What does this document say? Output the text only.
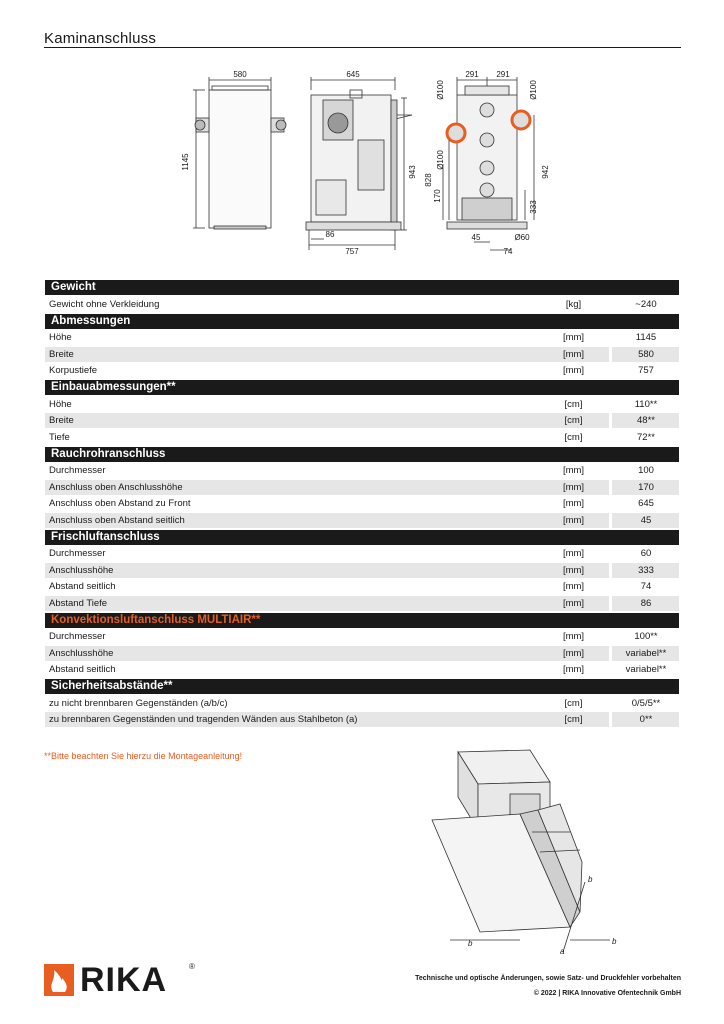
Kaminanschluss
580
1145
645
943
86
757
291 291
Ø100	Ø100
Ø100
828
170
942
333
45	Ø60
74
Gewicht
Gewicht ohne Verkleidung	[kg]	~240
Abmessungen
Höhe	[mm]	1145
Breite	[mm]	580
Korpustiefe	[mm]	757
Einbauabmessungen**
Höhe	[cm]	110**
Breite	[cm]	48**
Tiefe	[cm]	72**
Rauchrohranschluss
Durchmesser	[mm]	100
Anschluss oben Anschlusshöhe	[mm]	170
Anschluss oben Abstand zu Front	[mm]	645
Anschluss oben Abstand seitlich	[mm]	45
Frischluftanschluss
Durchmesser	[mm]	60
Anschlusshöhe	[mm]	333
Abstand seitlich	[mm]	74
Abstand Tiefe	[mm]	86
Konvektionsluftanschluss MULTIAIR**
Durchmesser	[mm]	100**
Anschlusshöhe	[mm]	variabel**
Abstand seitlich	[mm]	variabel**
Sicherheitsabstände**
zu nicht brennbaren Gegenständen (a/b/c)	[cm]	0/5/5**
zu brennbaren Gegenständen und tragenden Wänden aus Stahlbeton (a)	[cm]	0**
**Bitte beachten Sie hierzu die Montageanleitung!
b
b
b
a
RIKA	®
Technische und optische Änderungen, sowie Satz- und Druckfehler vorbehalten
© 2022 | RIKA Innovative Ofentechnik GmbH
